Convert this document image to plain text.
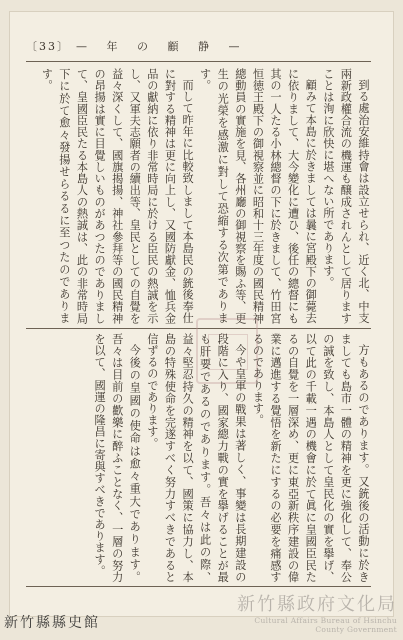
〔33〕 — 年 の 顧 静 —

到る處治安維持會は設立せられ、近く北、中支兩新政權合流の機運も醸成されんとして居りますことは洵に欣快に堪へない所であります。

顧みて本島に於きましては曩に宮殿下の御薨去に依りまして、大今變化に遭ひ、後任の總督にも其の一人たる小林總督の下に於きまして、竹田宮恒徳王殿下の御視察並に昭和十三年度の國民精神總動員の實施を見、各州廳の御視察を賜ふ等、更生の光榮を感激に對して恐縮する次第であります。

而して昨年に比較致しまして本島民の銃後奉仕に對する精神は更に向上し、又國防獻金、恤兵金品の獻納に依り非常時局に於ける臣民の熱誠を示し、又軍夫志願者の續出等、皇民としての自覺を益々深くして、國旗揭揚、神社參拜等の國民精神の昂揚は實に目覺しいものがあつたのでありまして、皇國臣民たる本島人の熱誠は、此の非常時局下に於て愈々發揚せらるるに至つたのであります。

方もあるのであります。又銃後の活動に於きましても島市一體の精神を更に強化して、奉公の誠を致し、本島人として皇民化の實を擧げ、以て此の千載一遇の機會に於て眞に皇國臣民たるの自覺を一層深め、更に東亞新秩序建設の偉業に邁進する覺悟を新たにするの必要を痛感するのであります。

今や皇軍の戰果は著しく、事變は長期建設の段階に入り、國家總力戰の實を擧げることが最も肝要であるのであります。吾々は此の際、益々堅忍持久の精神を以て、國策に協力し、本島の特殊使命を完遂すべく努力すべきであると信ずるのであります。

今後の皇國の使命は愈々重大であります。吾々は目前の歡樂に醉ふことなく、一層の努力を以て、國運の隆昌に寄與すべきであります。

新竹縣縣史館
新竹縣政府文化局
Cultural Affairs Bureau of Hsinchu
County Government
